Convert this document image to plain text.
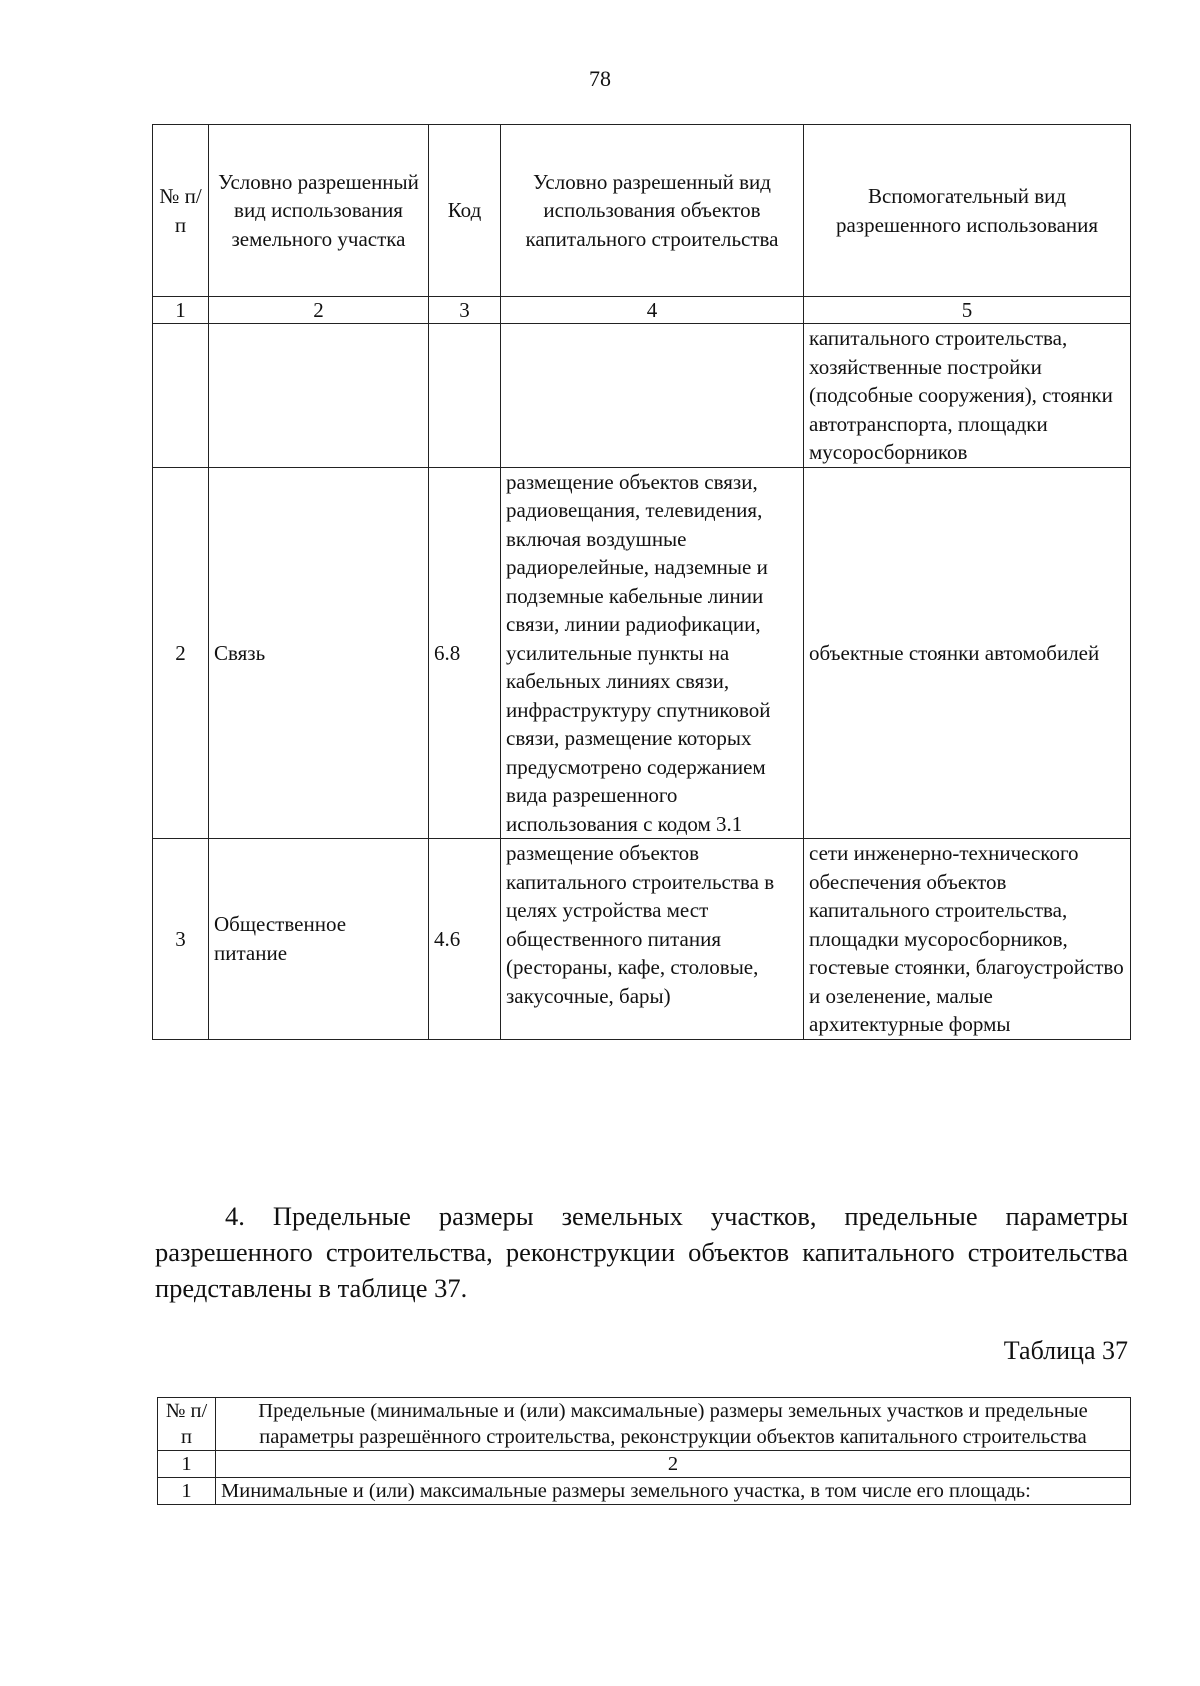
78
№ п/п	Условно разрешенный вид использования земельного участка	Код	Условно разрешенный вид использования объектов капитального строительства	Вспомогательный вид разрешенного использования
1	2	3	4	5
				капитального строительства, хозяйственные постройки (подсобные сооружения), стоянки автотранспорта, площадки мусоросборников
2	Связь	6.8	размещение объектов связи, радиовещания, телевидения, включая воздушные радиорелейные, надземные и подземные кабельные линии связи, линии радиофикации, усилительные пункты на кабельных линиях связи, инфраструктуру спутниковой связи, размещение которых предусмотрено содержанием вида разрешенного использования с кодом 3.1	объектные стоянки автомобилей
3	Общественное питание	4.6	размещение объектов капитального строительства в целях устройства мест общественного питания (рестораны, кафе, столовые, закусочные, бары)	сети инженерно-технического обеспечения объектов капитального строительства, площадки мусоросборников, гостевые стоянки, благоустройство и озеленение, малые архитектурные формы

4. Предельные размеры земельных участков, предельные параметры разрешенного строительства, реконструкции объектов капитального строительства представлены в таблице 37.

Таблица 37
№ п/п	Предельные (минимальные и (или) максимальные) размеры земельных участков и предельные параметры разрешённого строительства, реконструкции объектов капитального строительства
1	2
1	Минимальные и (или) максимальные размеры земельного участка, в том числе его площадь:
